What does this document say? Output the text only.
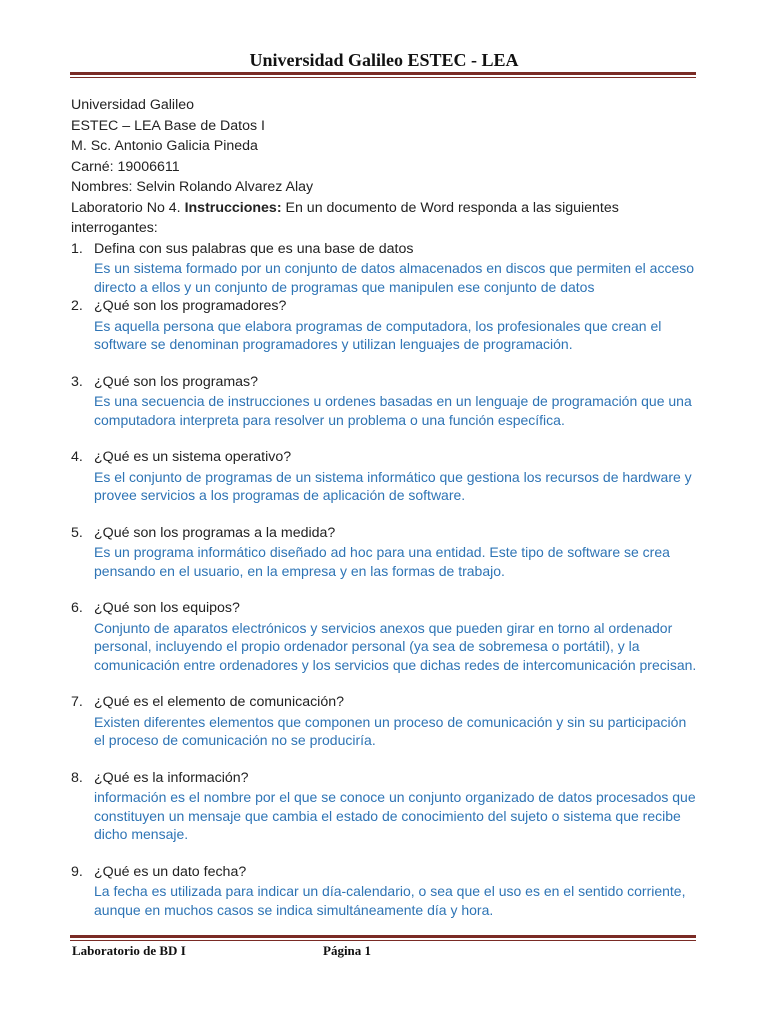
Universidad Galileo ESTEC - LEA

Universidad Galileo

ESTEC – LEA Base de Datos I

M. Sc. Antonio Galicia Pineda

Carné: 19006611

Nombres: Selvin Rolando Alvarez Alay

Laboratorio No 4. Instrucciones: En un documento de Word responda a las siguientes interrogantes:

1. Defina con sus palabras que es una base de datos
Es un sistema formado por un conjunto de datos almacenados en discos que permiten el acceso directo a ellos y un conjunto de programas que manipulen ese conjunto de datos
2. ¿Qué son los programadores?
Es aquella persona que elabora programas de computadora, los profesionales que crean el software se denominan programadores y utilizan lenguajes de programación.
3. ¿Qué son los programas?
Es una secuencia de instrucciones u ordenes basadas en un lenguaje de programación que una computadora interpreta para resolver un problema o una función específica.
4. ¿Qué es un sistema operativo?
Es el conjunto de programas de un sistema informático que gestiona los recursos de hardware y provee servicios a los programas de aplicación de software.
5. ¿Qué son los programas a la medida?
Es un programa informático diseñado ad hoc para una entidad. Este tipo de software se crea pensando en el usuario, en la empresa y en las formas de trabajo.
6. ¿Qué son los equipos?
Conjunto de aparatos electrónicos y servicios anexos que pueden girar en torno al ordenador personal, incluyendo el propio ordenador personal (ya sea de sobremesa o portátil), y la comunicación entre ordenadores y los servicios que dichas redes de intercomunicación precisan.
7. ¿Qué es el elemento de comunicación?
Existen diferentes elementos que componen un proceso de comunicación y sin su participación el proceso de comunicación no se produciría.
8. ¿Qué es la información?
información es el nombre por el que se conoce un conjunto organizado de datos procesados que constituyen un mensaje que cambia el estado de conocimiento del sujeto o sistema que recibe dicho mensaje.
9. ¿Qué es un dato fecha?
La fecha es utilizada para indicar un día-calendario, o sea que el uso es en el sentido corriente, aunque en muchos casos se indica simultáneamente día y hora.
Laboratorio de BD I	Página 1
